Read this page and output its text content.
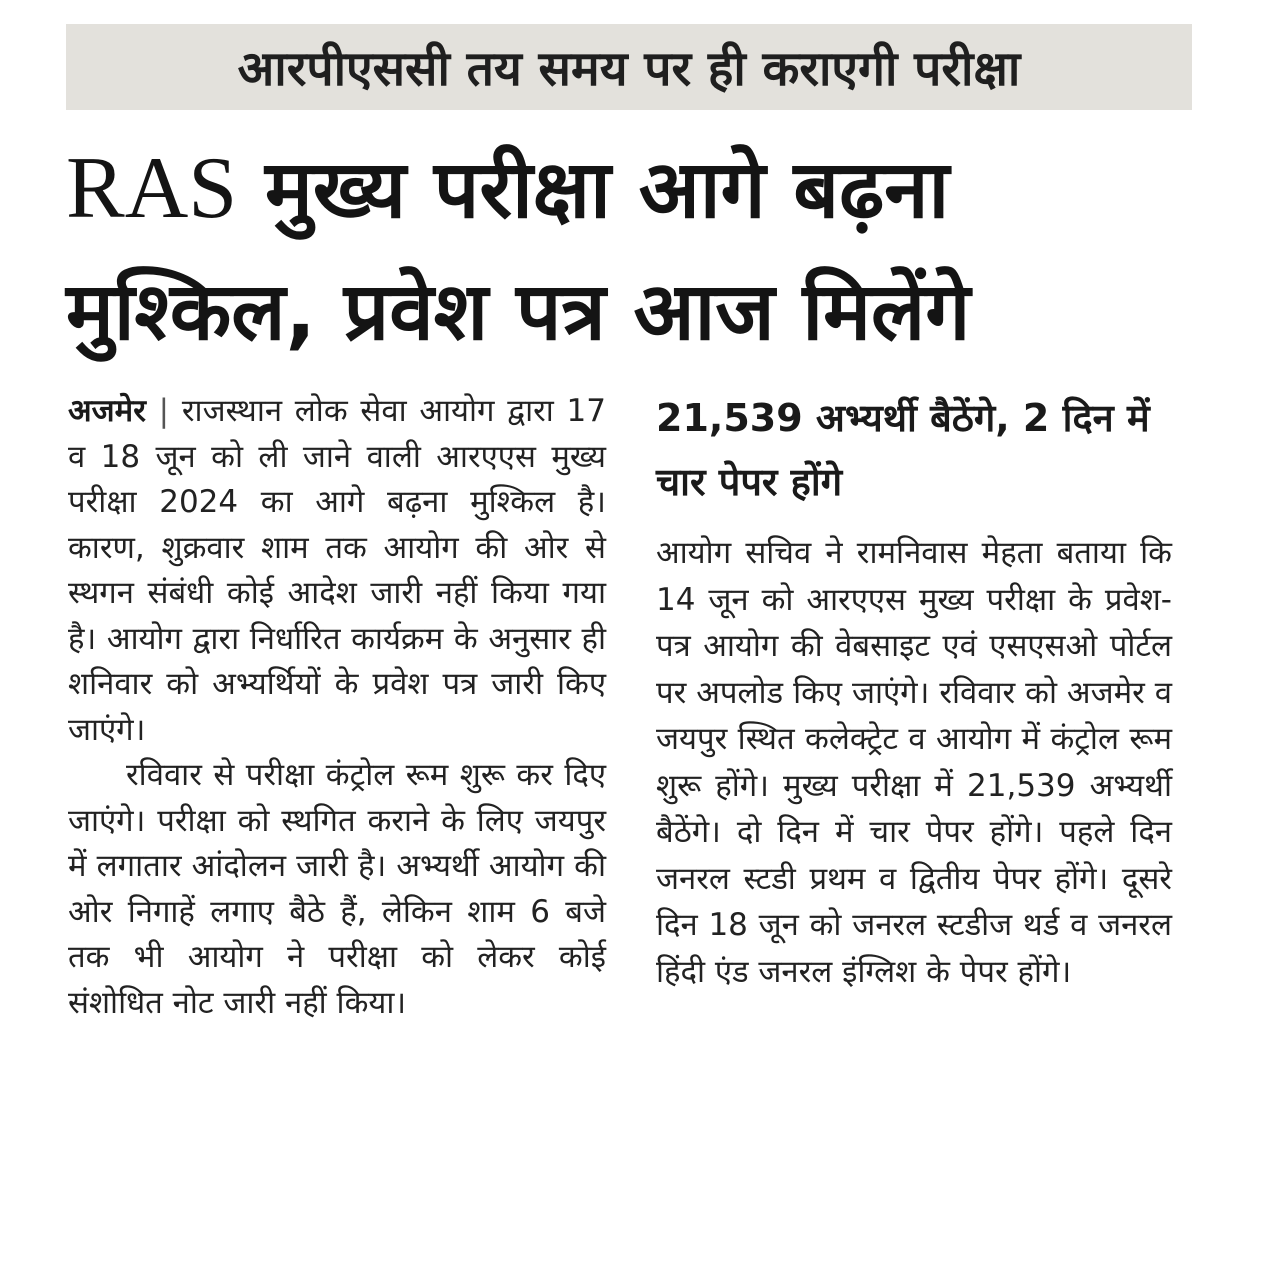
आरपीएससी तय समय पर ही कराएगी परीक्षा
RAS मुख्य परीक्षा आगे बढ़ना
मुश्किल, प्रवेश पत्र आज मिलेंगे

अजमेर | राजस्थान लोक सेवा आयोग द्वारा 17 व 18 जून को ली जाने वाली आरएएस मुख्य परीक्षा 2024 का आगे बढ़ना मुश्किल है। कारण, शुक्रवार शाम तक आयोग की ओर से स्थगन संबंधी कोई आदेश जारी नहीं किया गया है। आयोग द्वारा निर्धारित कार्यक्रम के अनुसार ही शनिवार को अभ्यर्थियों के प्रवेश पत्र जारी किए जाएंगे।

रविवार से परीक्षा कंट्रोल रूम शुरू कर दिए जाएंगे। परीक्षा को स्थगित कराने के लिए जयपुर में लगातार आंदोलन जारी है। अभ्यर्थी आयोग की ओर निगाहें लगाए बैठे हैं, लेकिन शाम 6 बजे तक भी आयोग ने परीक्षा को लेकर कोई संशोधित नोट जारी नहीं किया।

21,539 अभ्यर्थी बैठेंगे, 2 दिन में चार पेपर होंगे

आयोग सचिव ने रामनिवास मेहता बताया कि 14 जून को आरएएस मुख्य परीक्षा के प्रवेश-पत्र आयोग की वेबसाइट एवं एसएसओ पोर्टल पर अपलोड किए जाएंगे। रविवार को अजमेर व जयपुर स्थित कलेक्ट्रेट व आयोग में कंट्रोल रूम शुरू होंगे। मुख्य परीक्षा में 21,539 अभ्यर्थी बैठेंगे। दो दिन में चार पेपर होंगे। पहले दिन जनरल स्टडी प्रथम व द्वितीय पेपर होंगे। दूसरे दिन 18 जून को जनरल स्टडीज थर्ड व जनरल हिंदी एंड जनरल इंग्लिश के पेपर होंगे।
